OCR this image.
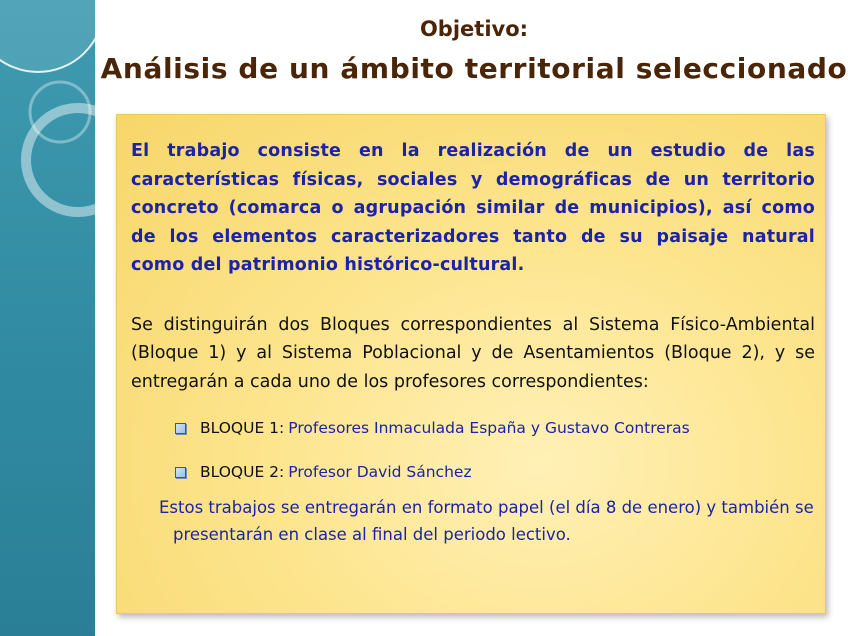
Objetivo:
Análisis de un ámbito territorial seleccionado

El trabajo consiste en la realización de un estudio de las características físicas, sociales y demográficas de un territorio concreto (comarca o agrupación similar de municipios), así como de los elementos caracterizadores tanto de su paisaje natural como del patrimonio histórico-cultural.

Se distinguirán dos Bloques correspondientes al Sistema Físico-Ambiental (Bloque 1) y al Sistema Poblacional y de Asentamientos (Bloque 2), y se entregarán a cada uno de los profesores correspondientes:

BLOQUE 1 : Profesores Inmaculada España y Gustavo Contreras
BLOQUE 2 : Profesor David Sánchez

Estos trabajos se entregarán en formato papel (el día 8 de enero) y también se presentarán en clase al final del periodo lectivo.
